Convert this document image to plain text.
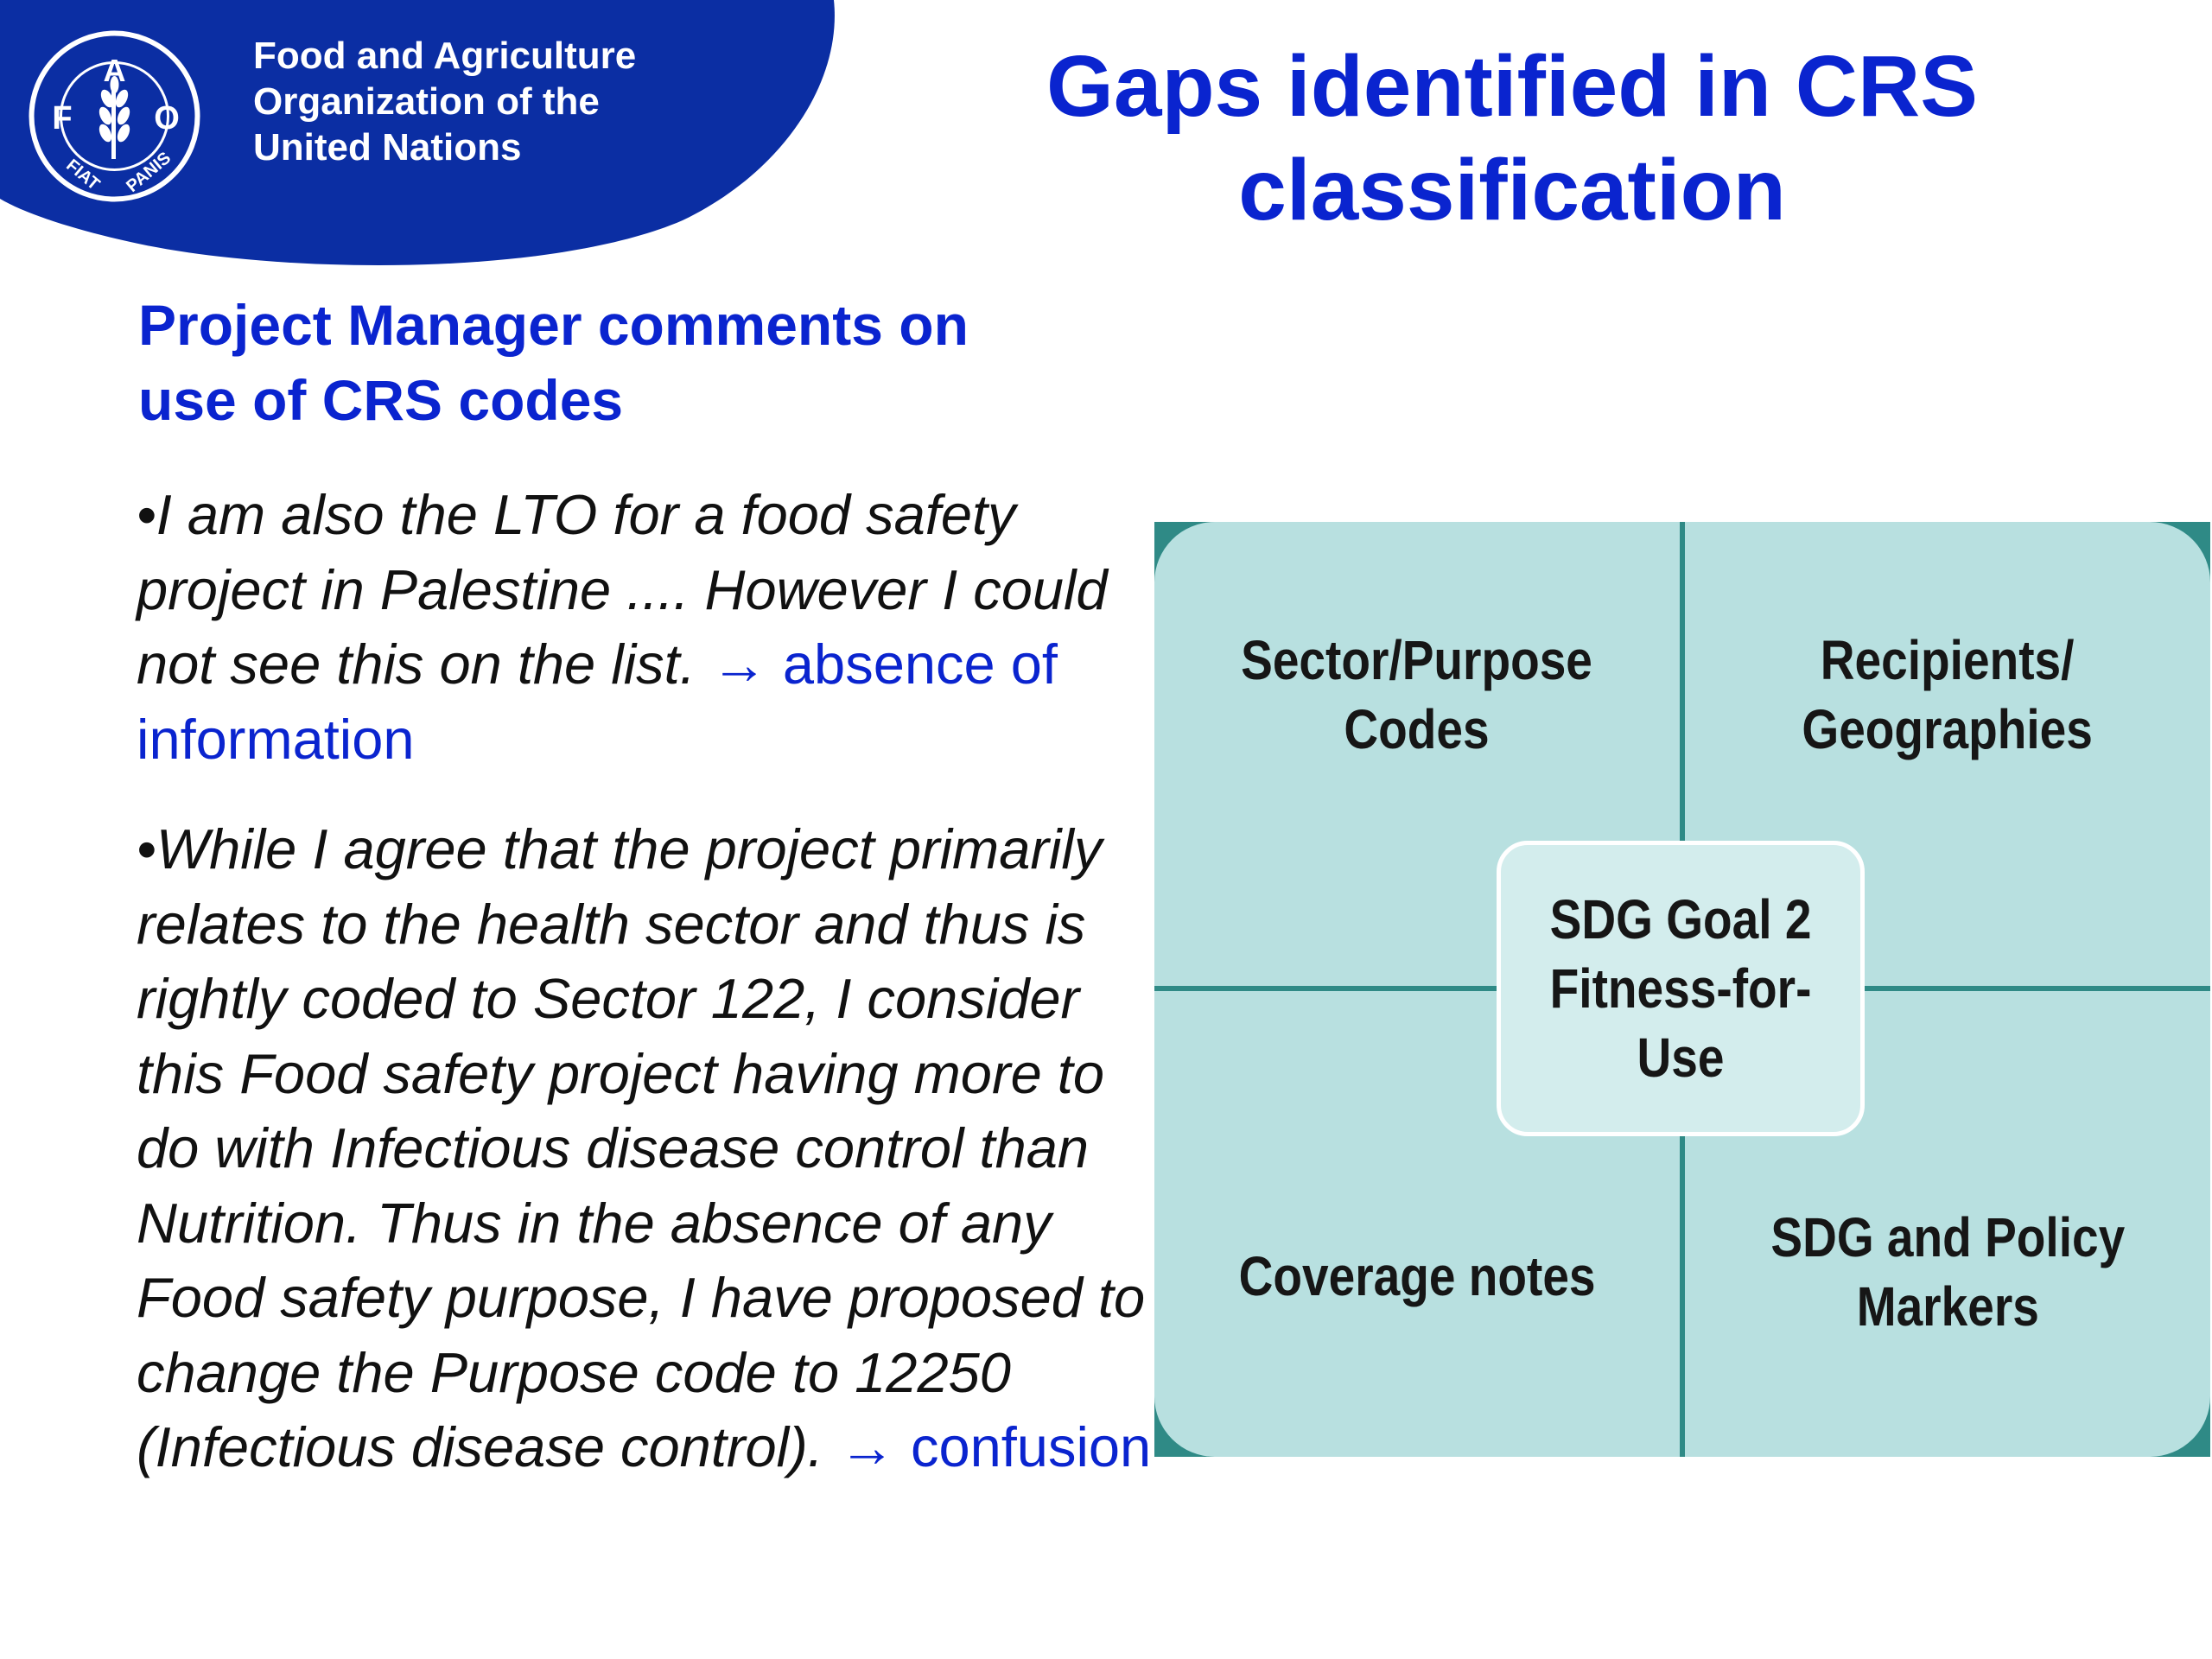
A
F O
FIAT PANIS
Food and Agriculture
Organization of the
United Nations
Gaps identified in CRS
classification
Project Manager comments on
use of CRS codes
•I am also the LTO for a food safety project in Palestine .... However I could not see this on the list. → absence of information
•While I agree that the project primarily relates to the health sector and thus is rightly coded to Sector 122, I consider this Food safety project having more to do with Infectious disease control than Nutrition. Thus in the absence of any Food safety purpose, I have proposed to change the Purpose code to 12250 (Infectious disease control). → confusion
Sector/Purpose
Codes
Recipients/
Geographies
Coverage notes
SDG and Policy
Markers
SDG Goal 2
Fitness-for-
Use
